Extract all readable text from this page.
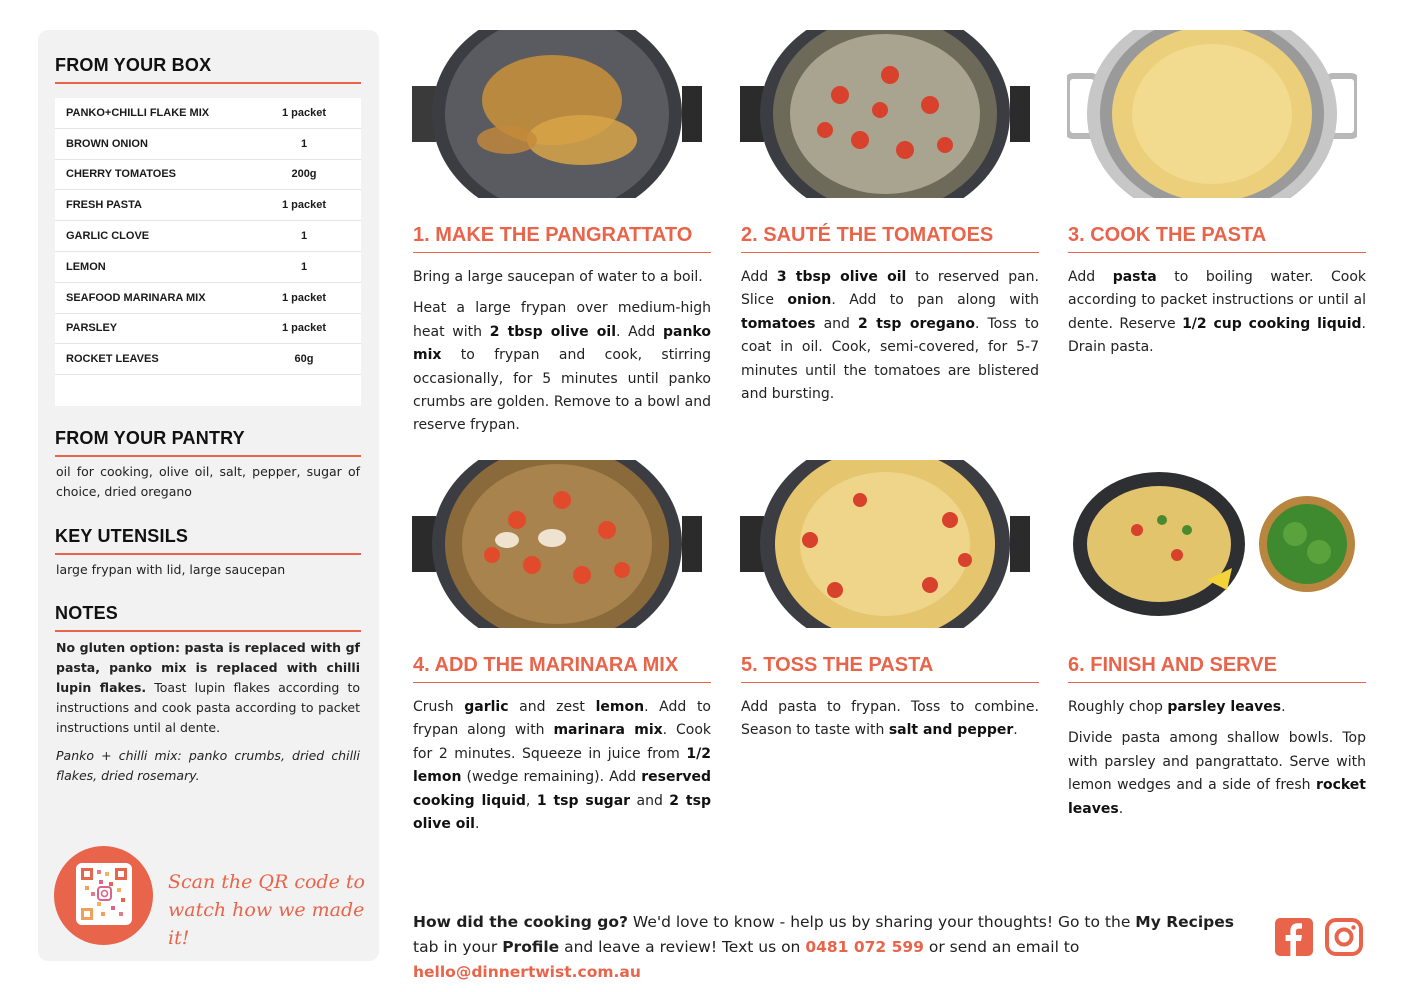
FROM YOUR BOX
PANKO+CHILLI FLAKE MIX	1 packet
BROWN ONION	1
CHERRY TOMATOES	200g
FRESH PASTA	1 packet
GARLIC CLOVE	1
LEMON	1
SEAFOOD MARINARA MIX	1 packet
PARSLEY	1 packet
ROCKET LEAVES	60g
FROM YOUR PANTRY
oil for cooking, olive oil, salt, pepper, sugar of choice, dried oregano
KEY UTENSILS
large frypan with lid, large saucepan
NOTES
No gluten option: pasta is replaced with gf pasta, panko mix is replaced with chilli lupin flakes. Toast lupin flakes according to instructions and cook pasta according to packet instructions until al dente.
Panko + chilli mix: panko crumbs, dried chilli flakes, dried rosemary.
Scan the QR code to
watch how we made it!
1. MAKE THE PANGRATTATO

Bring a large saucepan of water to a boil.

Heat a large frypan over medium-high heat with 2 tbsp olive oil. Add panko mix to frypan and cook, stirring occasionally, for 5 minutes until panko crumbs are golden. Remove to a bowl and reserve frypan.

2. SAUTÉ THE TOMATOES

Add 3 tbsp olive oil to reserved pan. Slice onion. Add to pan along with tomatoes and 2 tsp oregano. Toss to coat in oil. Cook, semi-covered, for 5-7 minutes until the tomatoes are blistered and bursting.

3. COOK THE PASTA

Add pasta to boiling water. Cook according to packet instructions or until al dente. Reserve 1/2 cup cooking liquid. Drain pasta.

4. ADD THE MARINARA MIX

Crush garlic and zest lemon. Add to frypan along with marinara mix. Cook for 2 minutes. Squeeze in juice from 1/2 lemon (wedge remaining). Add reserved cooking liquid, 1 tsp sugar and 2 tsp olive oil.

5. TOSS THE PASTA

Add pasta to frypan. Toss to combine. Season to taste with salt and pepper.

6. FINISH AND SERVE

Roughly chop parsley leaves.

Divide pasta among shallow bowls. Top with parsley and pangrattato. Serve with lemon wedges and a side of fresh rocket leaves.

How did the cooking go? We'd love to know - help us by sharing your thoughts! Go to the My Recipes tab in your Profile and leave a review! Text us on 0481 072 599 or send an email to hello@dinnertwist.com.au
